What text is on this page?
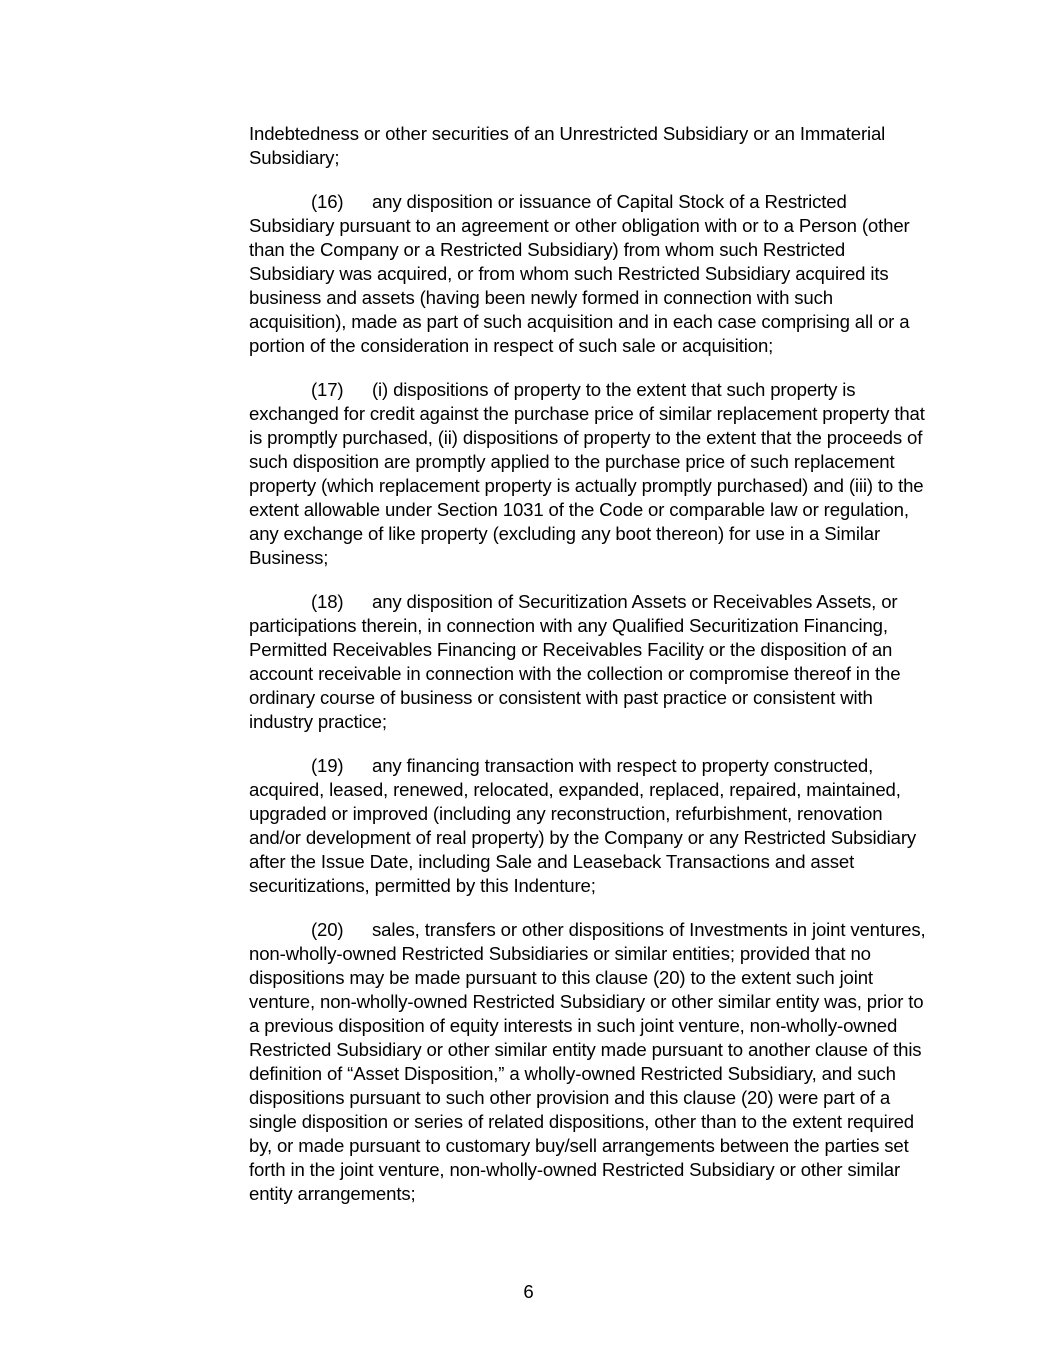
Indebtedness or other securities of an Unrestricted Subsidiary or an Immaterial Subsidiary;

(16) any disposition or issuance of Capital Stock of a Restricted Subsidiary pursuant to an agreement or other obligation with or to a Person (other than the Company or a Restricted Subsidiary) from whom such Restricted Subsidiary was acquired, or from whom such Restricted Subsidiary acquired its business and assets (having been newly formed in connection with such acquisition), made as part of such acquisition and in each case comprising all or a portion of the consideration in respect of such sale or acquisition;

(17) (i) dispositions of property to the extent that such property is exchanged for credit against the purchase price of similar replacement property that is promptly purchased, (ii) dispositions of property to the extent that the proceeds of such disposition are promptly applied to the purchase price of such replacement property (which replacement property is actually promptly purchased) and (iii) to the extent allowable under Section 1031 of the Code or comparable law or regulation, any exchange of like property (excluding any boot thereon) for use in a Similar Business;

(18) any disposition of Securitization Assets or Receivables Assets, or participations therein, in connection with any Qualified Securitization Financing, Permitted Receivables Financing or Receivables Facility or the disposition of an account receivable in connection with the collection or compromise thereof in the ordinary course of business or consistent with past practice or consistent with industry practice;

(19) any financing transaction with respect to property constructed, acquired, leased, renewed, relocated, expanded, replaced, repaired, maintained, upgraded or improved (including any reconstruction, refurbishment, renovation and/or development of real property) by the Company or any Restricted Subsidiary after the Issue Date, including Sale and Leaseback Transactions and asset securitizations, permitted by this Indenture;

(20) sales, transfers or other dispositions of Investments in joint ventures, non-wholly-owned Restricted Subsidiaries or similar entities; provided that no dispositions may be made pursuant to this clause (20) to the extent such joint venture, non-wholly-owned Restricted Subsidiary or other similar entity was, prior to a previous disposition of equity interests in such joint venture, non-wholly-owned Restricted Subsidiary or other similar entity made pursuant to another clause of this definition of “Asset Disposition,” a wholly-owned Restricted Subsidiary, and such dispositions pursuant to such other provision and this clause (20) were part of a single disposition or series of related dispositions, other than to the extent required by, or made pursuant to customary buy/sell arrangements between the parties set forth in the joint venture, non-wholly-owned Restricted Subsidiary or other similar entity arrangements;

6
